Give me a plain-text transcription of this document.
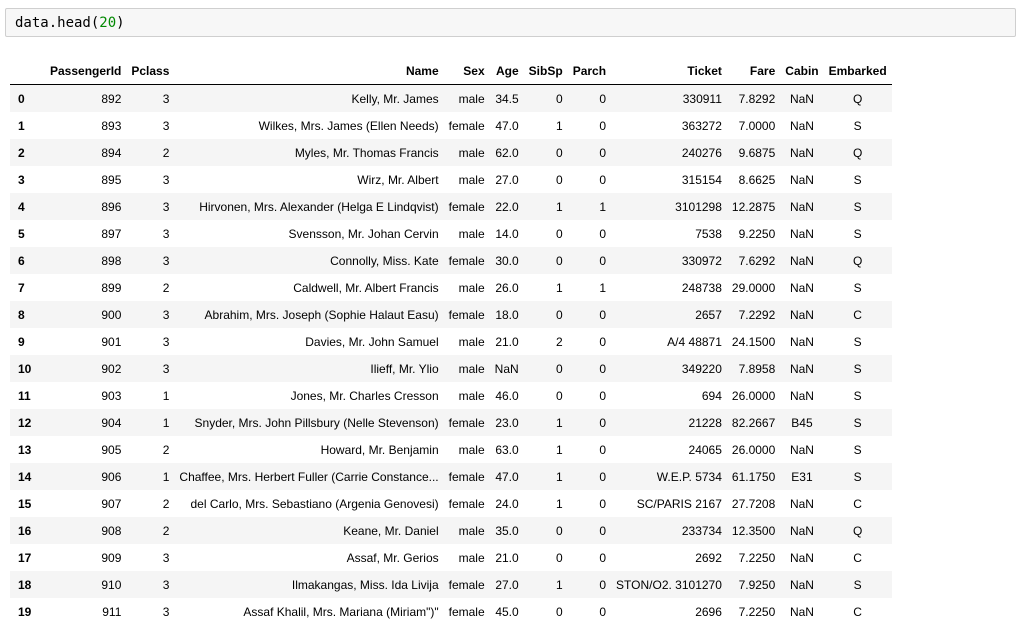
data.head(20)
	PassengerId	Pclass	Name	Sex	Age	SibSp	Parch	Ticket	Fare	Cabin	Embarked
0	892	3	Kelly, Mr. James	male	34.5	0	0	330911	7.8292	NaN	Q
1	893	3	Wilkes, Mrs. James (Ellen Needs)	female	47.0	1	0	363272	7.0000	NaN	S
2	894	2	Myles, Mr. Thomas Francis	male	62.0	0	0	240276	9.6875	NaN	Q
3	895	3	Wirz, Mr. Albert	male	27.0	0	0	315154	8.6625	NaN	S
4	896	3	Hirvonen, Mrs. Alexander (Helga E Lindqvist)	female	22.0	1	1	3101298	12.2875	NaN	S
5	897	3	Svensson, Mr. Johan Cervin	male	14.0	0	0	7538	9.2250	NaN	S
6	898	3	Connolly, Miss. Kate	female	30.0	0	0	330972	7.6292	NaN	Q
7	899	2	Caldwell, Mr. Albert Francis	male	26.0	1	1	248738	29.0000	NaN	S
8	900	3	Abrahim, Mrs. Joseph (Sophie Halaut Easu)	female	18.0	0	0	2657	7.2292	NaN	C
9	901	3	Davies, Mr. John Samuel	male	21.0	2	0	A/4 48871	24.1500	NaN	S
10	902	3	Ilieff, Mr. Ylio	male	NaN	0	0	349220	7.8958	NaN	S
11	903	1	Jones, Mr. Charles Cresson	male	46.0	0	0	694	26.0000	NaN	S
12	904	1	Snyder, Mrs. John Pillsbury (Nelle Stevenson)	female	23.0	1	0	21228	82.2667	B45	S
13	905	2	Howard, Mr. Benjamin	male	63.0	1	0	24065	26.0000	NaN	S
14	906	1	Chaffee, Mrs. Herbert Fuller (Carrie Constance...	female	47.0	1	0	W.E.P. 5734	61.1750	E31	S
15	907	2	del Carlo, Mrs. Sebastiano (Argenia Genovesi)	female	24.0	1	0	SC/PARIS 2167	27.7208	NaN	C
16	908	2	Keane, Mr. Daniel	male	35.0	0	0	233734	12.3500	NaN	Q
17	909	3	Assaf, Mr. Gerios	male	21.0	0	0	2692	7.2250	NaN	C
18	910	3	Ilmakangas, Miss. Ida Livija	female	27.0	1	0	STON/O2. 3101270	7.9250	NaN	S
19	911	3	Assaf Khalil, Mrs. Mariana (Miriam")"	female	45.0	0	0	2696	7.2250	NaN	C
